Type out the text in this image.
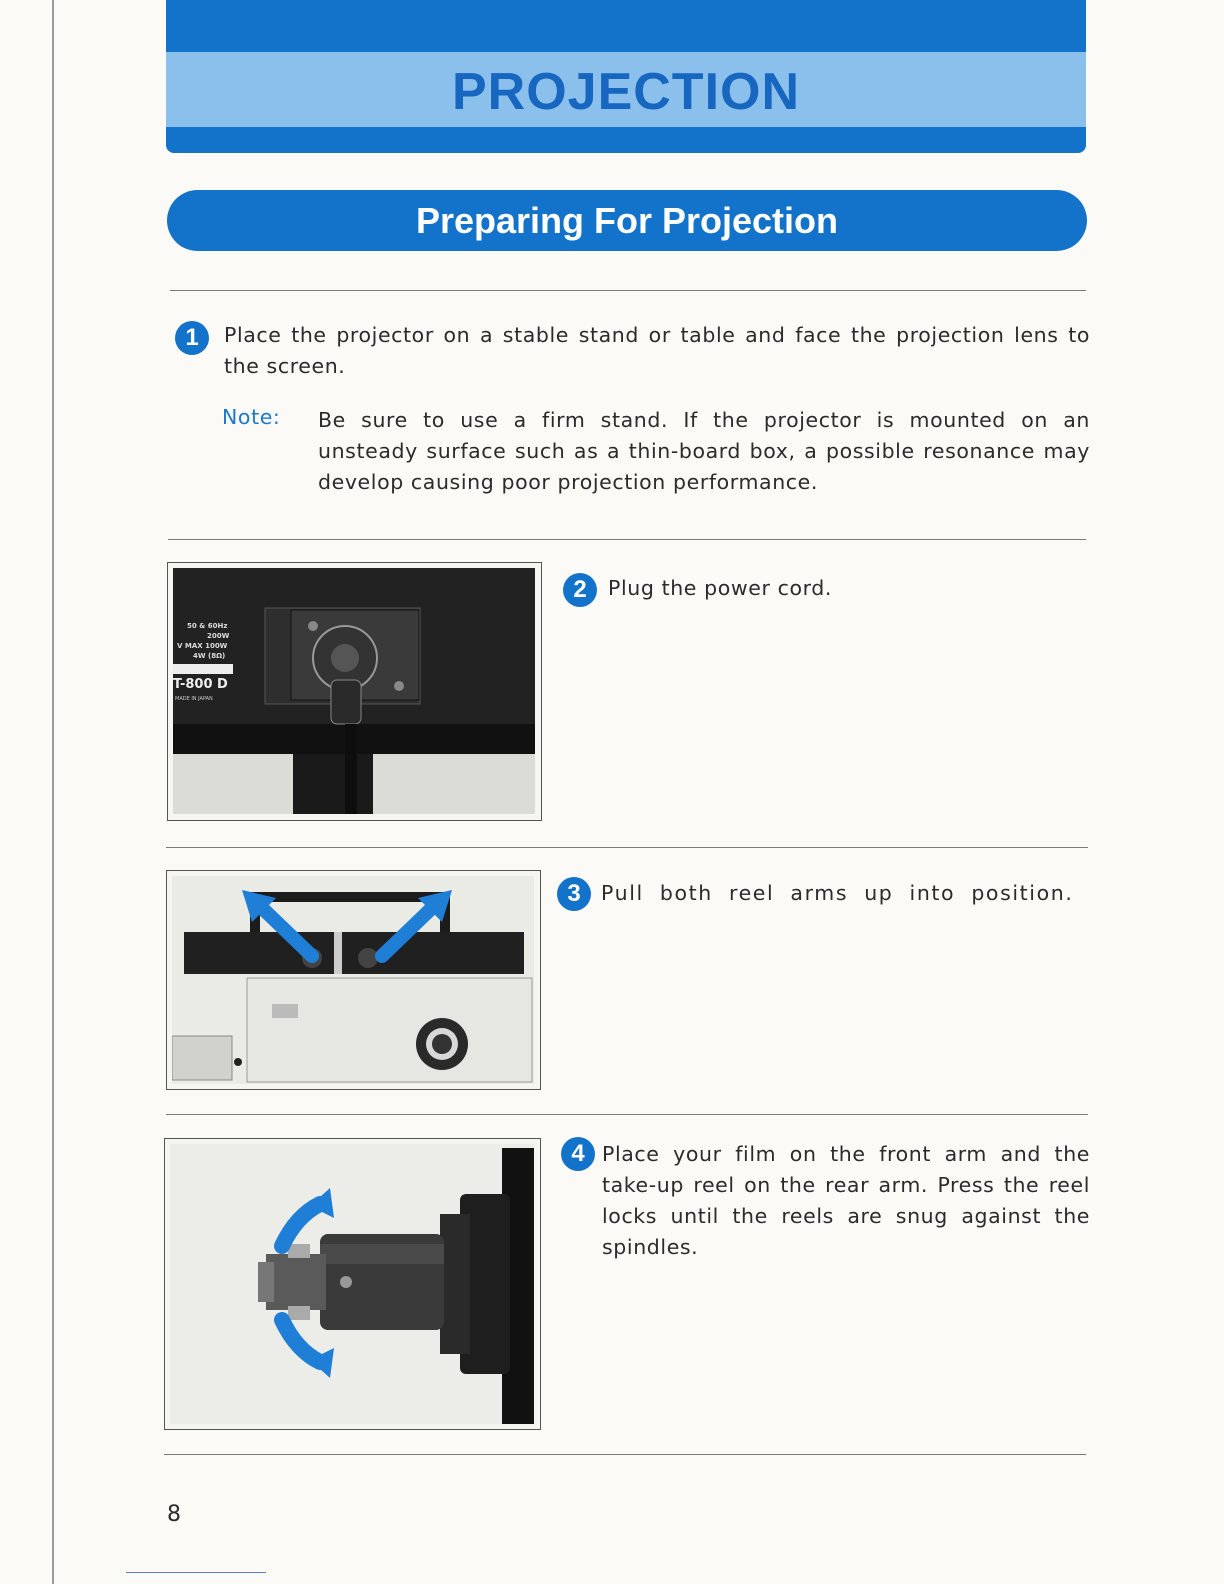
PROJECTION
Preparing For Projection
1	Place the projector on a stable stand or table and face the projection lens to the screen.
Note: Be sure to use a firm stand. If the projector is mounted on an unsteady surface such as a thin-board box, a possible resonance may develop causing poor projection performance.
50 & 60Hz
200W
V MAX 100W
4W (8Ω)
T-800 D
MADE IN JAPAN
2	Plug the power cord.
3 Pull both reel arms up into position.
4 Place your film on the front arm and the take-up reel on the rear arm. Press the reel locks until the reels are snug against the spindles.
8
